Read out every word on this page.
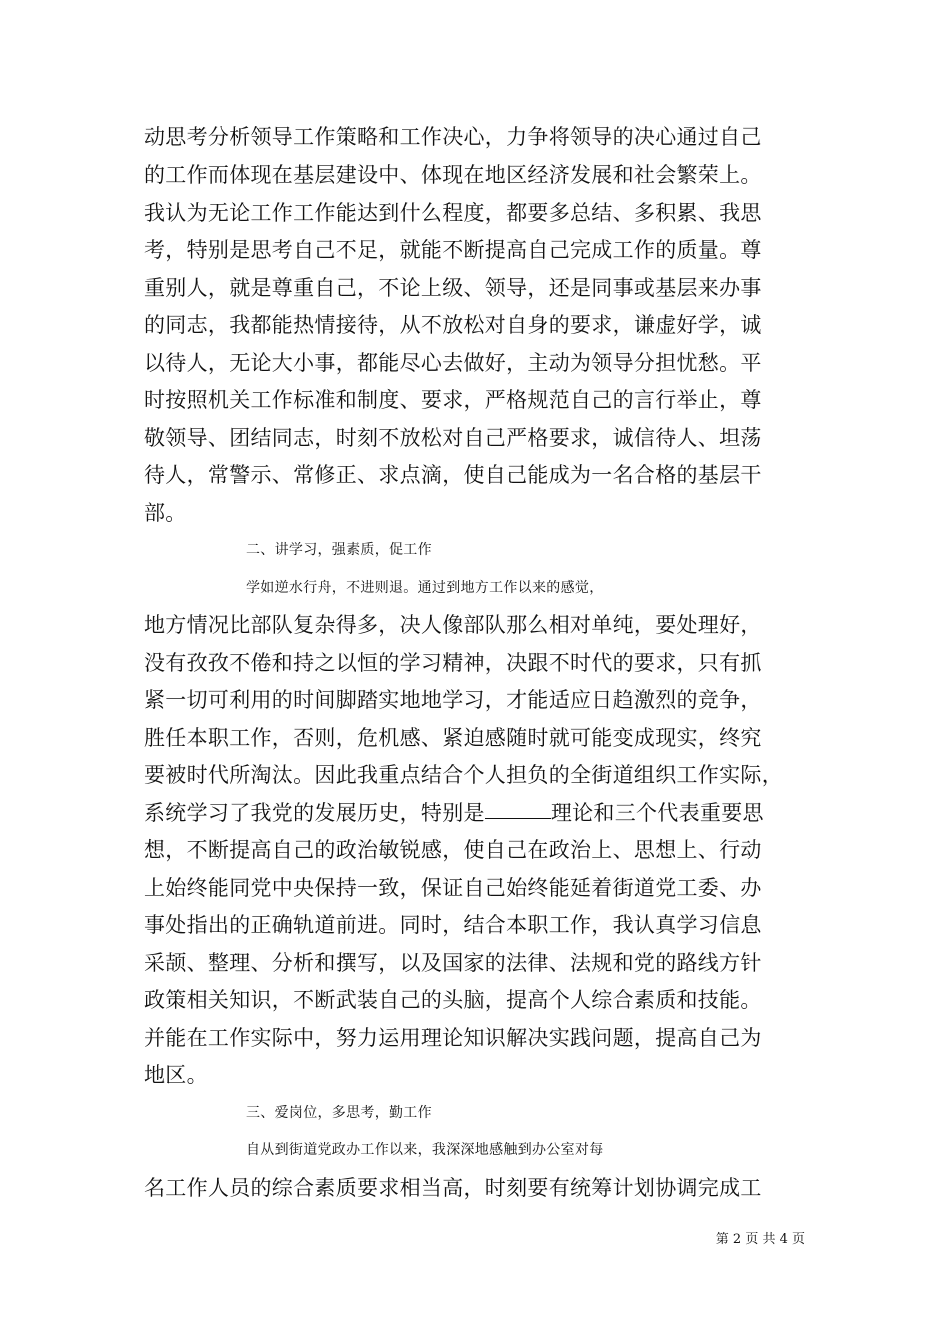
动思考分析领导工作策略和工作决心，力争将领导的决心通过自己
的工作而体现在基层建设中、体现在地区经济发展和社会繁荣上。
我认为无论工作工作能达到什么程度，都要多总结、多积累、我思
考，特别是思考自己不足，就能不断提高自己完成工作的质量。尊
重别人，就是尊重自己，不论上级、领导，还是同事或基层来办事
的同志，我都能热情接待，从不放松对自身的要求，谦虚好学，诚
以待人，无论大小事，都能尽心去做好，主动为领导分担忧愁。平
时按照机关工作标准和制度、要求，严格规范自己的言行举止，尊
敬领导、团结同志，时刻不放松对自己严格要求，诚信待人、坦荡
待人，常警示、常修正、求点滴，使自己能成为一名合格的基层干
部。
二、讲学习，强素质，促工作
学如逆水行舟，不进则退。通过到地方工作以来的感觉，
地方情况比部队复杂得多，决人像部队那么相对单纯，要处理好，
没有孜孜不倦和持之以恒的学习精神，决跟不时代的要求，只有抓
紧一切可利用的时间脚踏实地地学习，才能适应日趋激烈的竞争，
胜任本职工作，否则，危机感、紧迫感随时就可能变成现实，终究
要被时代所淘汰。因此我重点结合个人担负的全街道组织工作实际，
系统学习了我党的发展历史，特别是	理论和三个代表重要思
想，不断提高自己的政治敏锐感，使自己在政治上、思想上、行动
上始终能同党中央保持一致，保证自己始终能延着街道党工委、办
事处指出的正确轨道前进。同时，结合本职工作，我认真学习信息
采颉、整理、分析和撰写，以及国家的法律、法规和党的路线方针
政策相关知识，不断武装自己的头脑，提高个人综合素质和技能。
并能在工作实际中，努力运用理论知识解决实践问题，提高自己为
地区。
三、爱岗位，多思考，勤工作
自从到街道党政办工作以来，我深深地感触到办公室对每
名工作人员的综合素质要求相当高，时刻要有统筹计划协调完成工
第 2 页 共 4 页
